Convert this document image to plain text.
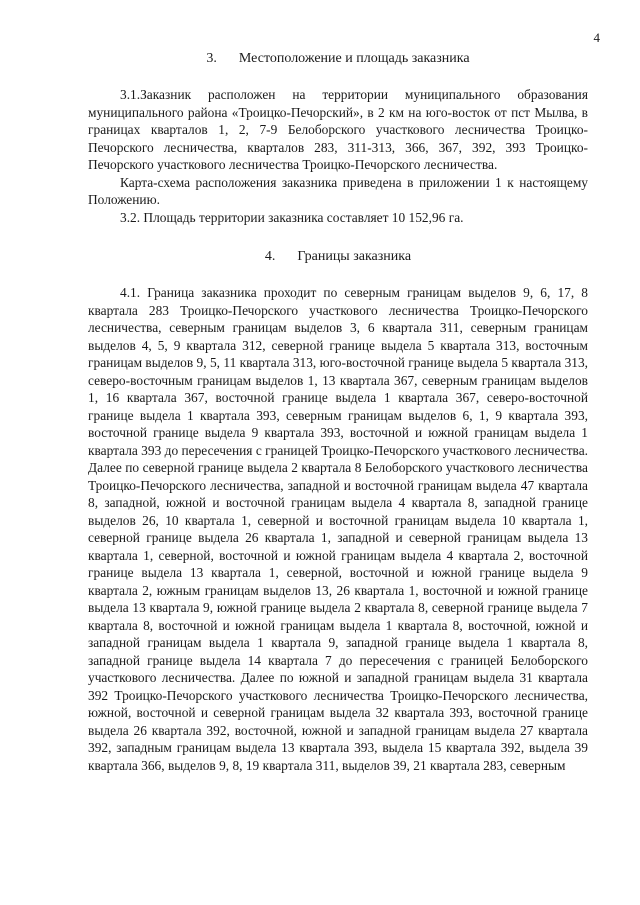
4
3. Местоположение и площадь заказника

3.1.Заказник расположен на территории муниципального образования муниципального района «Троицко-Печорский», в 2 км на юго-восток от пст Мылва, в границах кварталов 1, 2, 7-9 Белоборского участкового лесничества Троицко-Печорского лесничества, кварталов 283, 311-313, 366, 367, 392, 393 Троицко-Печорского участкового лесничества Троицко-Печорского лесничества.

Карта-схема расположения заказника приведена в приложении 1 к настоящему Положению.

3.2. Площадь территории заказника составляет 10 152,96 га.

4. Границы заказника

4.1. Граница заказника проходит по северным границам выделов 9, 6, 17, 8 квартала 283 Троицко-Печорского участкового лесничества Троицко-Печорского лесничества, северным границам выделов 3, 6 квартала 311, северным границам выделов 4, 5, 9 квартала 312, северной границе выдела 5 квартала 313, восточным границам выделов 9, 5, 11 квартала 313, юго-восточной границе выдела 5 квартала 313, северо-восточным границам выделов 1, 13 квартала 367, северным границам выделов 1, 16 квартала 367, восточной границе выдела 1 квартала 367, северо-восточной границе выдела 1 квартала 393, северным границам выделов 6, 1, 9 квартала 393, восточной границе выдела 9 квартала 393, восточной и южной границам выдела 1 квартала 393 до пересечения с границей Троицко-Печорского участкового лесничества. Далее по северной границе выдела 2 квартала 8 Белоборского участкового лесничества Троицко-Печорского лесничества, западной и восточной границам выдела 47 квартала 8, западной, южной и восточной границам выдела 4 квартала 8, западной границе выделов 26, 10 квартала 1, северной и восточной границам выдела 10 квартала 1, северной границе выдела 26 квартала 1, западной и северной границам выдела 13 квартала 1, северной, восточной и южной границам выдела 4 квартала 2, восточной границе выдела 13 квартала 1, северной, восточной и южной границе выдела 9 квартала 2, южным границам выделов 13, 26 квартала 1, восточной и южной границе выдела 13 квартала 9, южной границе выдела 2 квартала 8, северной границе выдела 7 квартала 8, восточной и южной границам выдела 1 квартала 8, восточной, южной и западной границам выдела 1 квартала 9, западной границе выдела 1 квартала 8, западной границе выдела 14 квартала 7 до пересечения с границей Белоборского участкового лесничества. Далее по южной и западной границам выдела 31 квартала 392 Троицко-Печорского участкового лесничества Троицко-Печорского лесничества, южной, восточной и северной границам выдела 32 квартала 393, восточной границе выдела 26 квартала 392, восточной, южной и западной границам выдела 27 квартала 392, западным границам выдела 13 квартала 393, выдела 15 квартала 392, выдела 39 квартала 366, выделов 9, 8, 19 квартала 311, выделов 39, 21 квартала 283, северным
